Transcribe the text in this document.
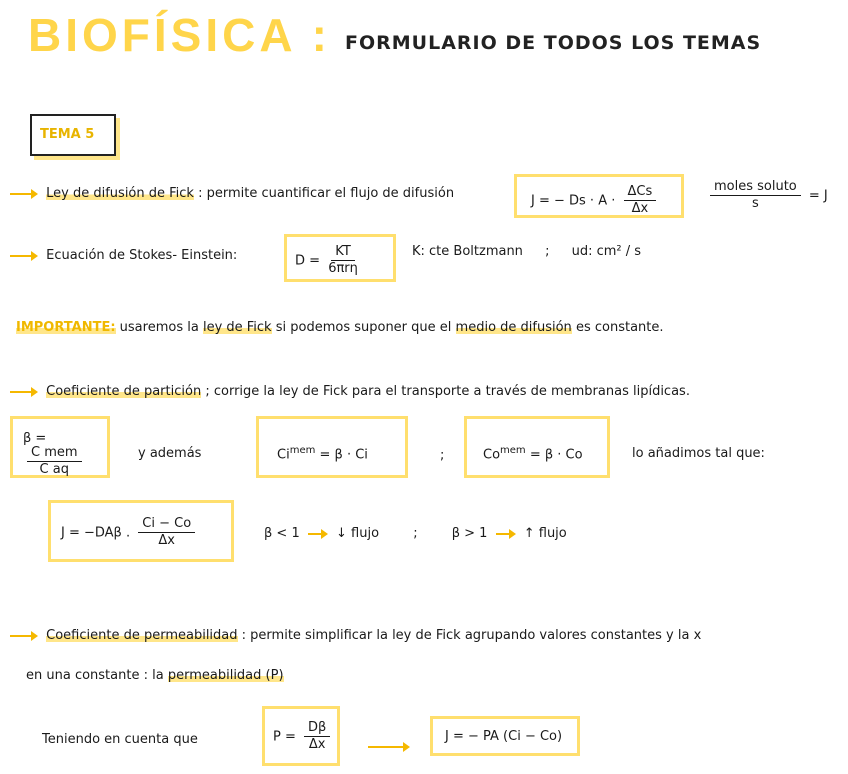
BIOFÍSICA : FORMULARIO DE TODOS LOS TEMAS
TEMA 5
Ley de difusión de Fick : permite cuantificar el flujo de difusión	J = − $Ds \cdot A \cdot \frac{\text{ΔCs}}{\Delta x}$	$\frac{\text{moles soluto}}{s} = J$
Ecuación de Stokes- Einstein:	$D = \frac{KT}{\text{6πrη}}$	K: cte Boltzmann ; ud: cm² / s
IMPORTANTE: usaremos la ley de Fick si podemos suponer que el medio de difusión es constante.
Coeficiente de partición ; corrige la ley de Fick para el transporte a través de membranas lipídicas.
β =
$\frac{\text{C mem}}{\text{C aq}}$	y además	$Ci^{mem} = \beta \cdot Ci$	;	$Co^{mem} = \beta \cdot Co$	lo añadimos tal que:
J = −DAβ . $\frac{Ci - Co}{\Delta x}$	β < 1	↓ flujo	;	β > 1	↑ flujo
Coeficiente de permeabilidad : permite simplificar la ley de Fick agrupando valores constantes y la x
en una constante : la permeabilidad (P)
Teniendo en cuenta que	$P = \frac{D\beta}{\Delta x}$	J = − PA (Ci − Co)
